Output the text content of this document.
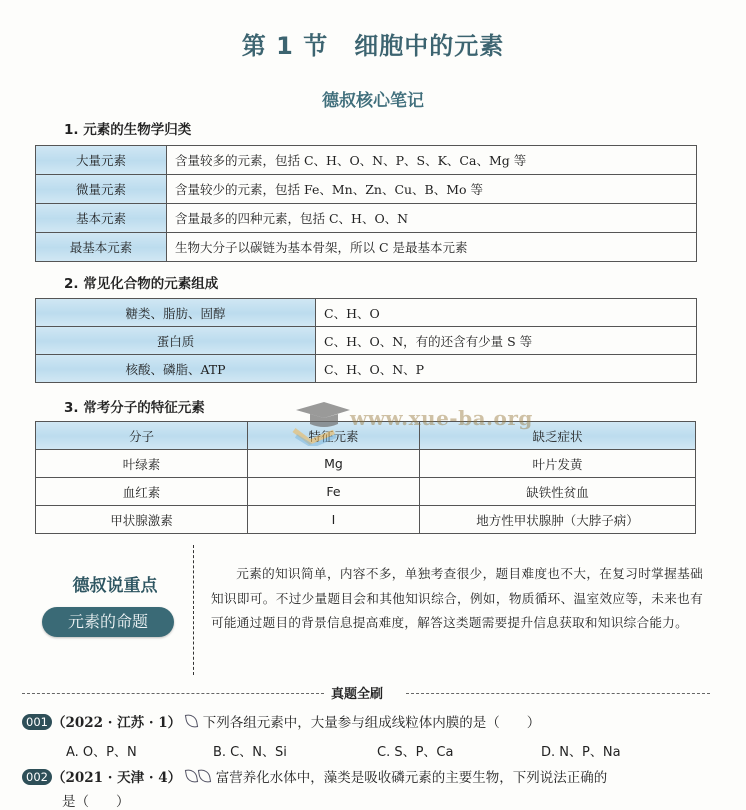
第 1 节 细胞中的元素
德叔核心笔记
1. 元素的生物学归类
大量元素	含量较多的元素，包括 C、H、O、N、P、S、K、Ca、Mg 等
微量元素	含量较少的元素，包括 Fe、Mn、Zn、Cu、B、Mo 等
基本元素	含量最多的四种元素，包括 C、H、O、N
最基本元素	生物大分子以碳链为基本骨架，所以 C 是最基本元素
2. 常见化合物的元素组成
糖类、脂肪、固醇	C、H、O
蛋白质	C、H、O、N，有的还含有少量 S 等
核酸、磷脂、ATP	C、H、O、N、P
3. 常考分子的特征元素
分子	特征元素	缺乏症状
叶绿素	Mg	叶片发黄
血红素	Fe	缺铁性贫血
甲状腺激素	I	地方性甲状腺肿（大脖子病）
www.xue-ba.org
德叔说重点
元素的命题
元素的知识简单，内容不多，单独考查很少，题目难度也不大，在复习时掌握基础知识即可。不过少量题目会和其他知识综合，例如，物质循环、温室效应等，未来也有可能通过题目的背景信息提高难度，解答这类题需要提升信息获取和知识综合能力。
真题全刷
001 （2022 · 江苏 · 1） 下列各组元素中，大量参与组成线粒体内膜的是（　　）
A. O、P、N	B. C、N、Si	C. S、P、Ca	D. N、P、Na
002 （2021 · 天津 · 4）	富营养化水体中，藻类是吸收磷元素的主要生物，下列说法正确的
是（　　）
